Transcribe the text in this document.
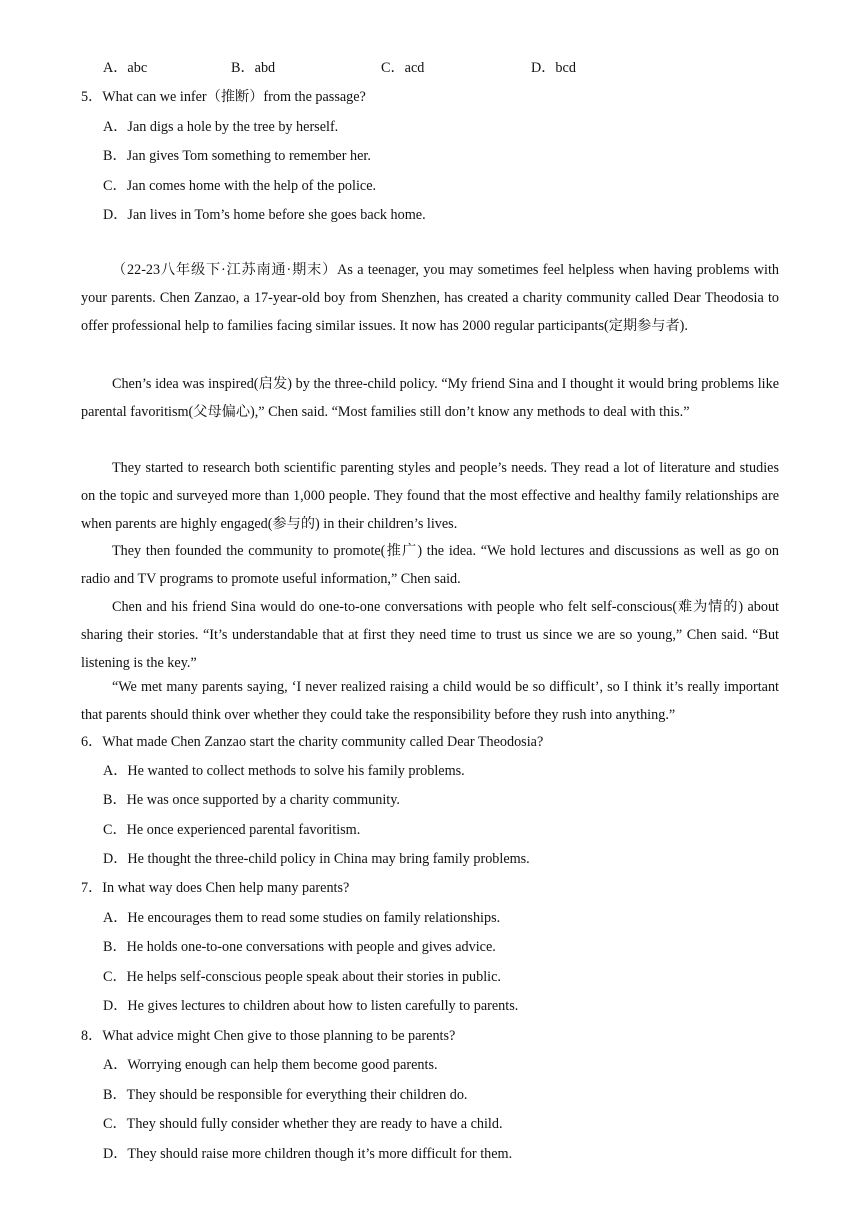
A．abc	B．abd	C．acd	D．bcd
5．What can we infer（推断）from the passage?
A．Jan digs a hole by the tree by herself.
B．Jan gives Tom something to remember her.
C．Jan comes home with the help of the police.
D．Jan lives in Tom’s home before she goes back home.
（22-23八年级下·江苏南通·期末）As a teenager, you may sometimes feel helpless when having problems with your parents. Chen Zanzao, a 17-year-old boy from Shenzhen, has created a charity community called Dear Theodosia to offer professional help to families facing similar issues. It now has 2000 regular participants(定期参与者).
Chen’s idea was inspired(启发) by the three-child policy. “My friend Sina and I thought it would bring problems like parental favoritism(父母偏心),” Chen said. “Most families still don’t know any methods to deal with this.”
They started to research both scientific parenting styles and people’s needs. They read a lot of literature and studies on the topic and surveyed more than 1,000 people. They found that the most effective and healthy family relationships are when parents are highly engaged(参与的) in their children’s lives.
They then founded the community to promote(推广) the idea. “We hold lectures and discussions as well as go on radio and TV programs to promote useful information,” Chen said.
Chen and his friend Sina would do one-to-one conversations with people who felt self-conscious(难为情的) about sharing their stories. “It’s understandable that at first they need time to trust us since we are so young,” Chen said. “But listening is the key.”
“We met many parents saying, ‘I never realized raising a child would be so difficult’, so I think it’s really important that parents should think over whether they could take the responsibility before they rush into anything.”
6．What made Chen Zanzao start the charity community called Dear Theodosia?
A．He wanted to collect methods to solve his family problems.
B．He was once supported by a charity community.
C．He once experienced parental favoritism.
D．He thought the three-child policy in China may bring family problems.
7．In what way does Chen help many parents?
A．He encourages them to read some studies on family relationships.
B．He holds one-to-one conversations with people and gives advice.
C．He helps self-conscious people speak about their stories in public.
D．He gives lectures to children about how to listen carefully to parents.
8．What advice might Chen give to those planning to be parents?
A．Worrying enough can help them become good parents.
B．They should be responsible for everything their children do.
C．They should fully consider whether they are ready to have a child.
D．They should raise more children though it’s more difficult for them.
